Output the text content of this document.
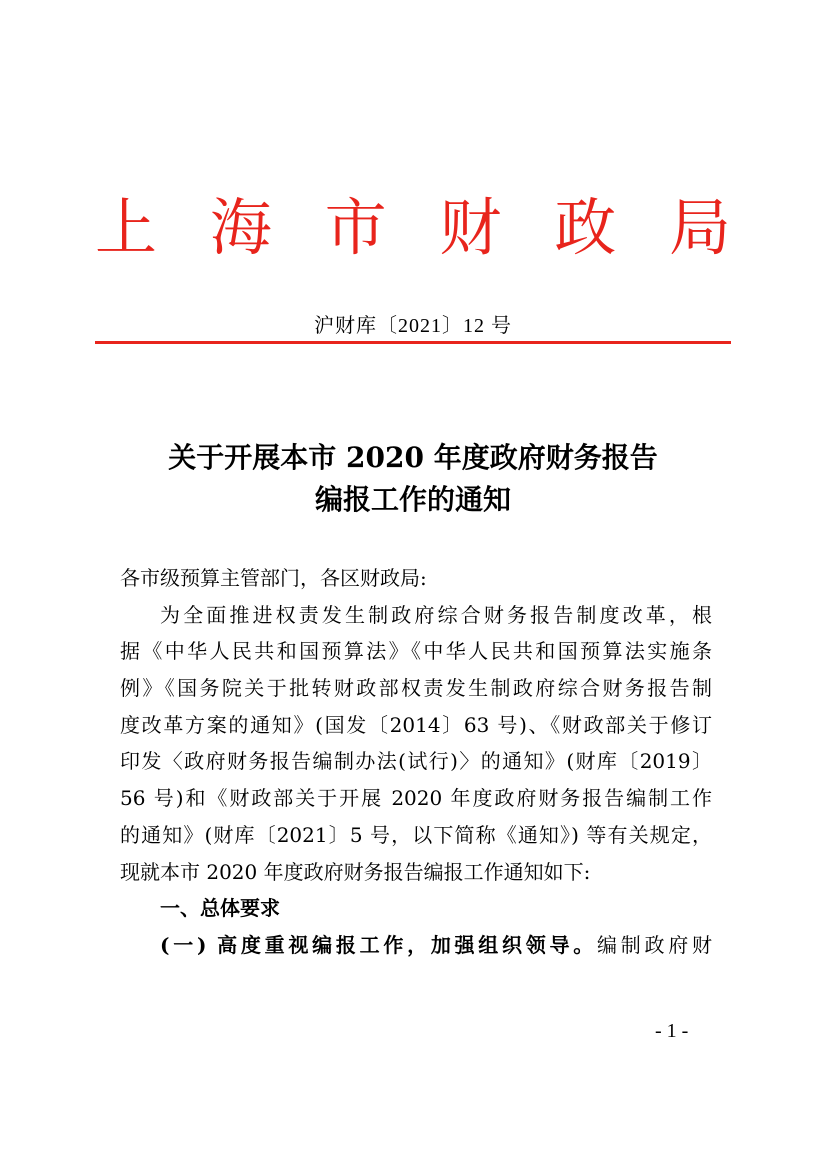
上 海 市 财 政 局
沪财库〔2021〕12 号
关于开展本市 2020 年度政府财务报告
编报工作的通知
各市级预算主管部门，各区财政局:
为全面推进权责发生制政府综合财务报告制度改革，根
据《中华人民共和国预算法》《中华人民共和国预算法实施条
例》《国务院关于批转财政部权责发生制政府综合财务报告制
度改革方案的通知》(国发〔2014〕63 号)、《财政部关于修订
印发〈政府财务报告编制办法(试行)〉的通知》(财库〔2019〕
56 号)和《财政部关于开展 2020 年度政府财务报告编制工作
的通知》(财库〔2021〕5 号，以下简称《通知》) 等有关规定，
现就本市 2020 年度政府财务报告编报工作通知如下:
一、总体要求
(一) 高度重视编报工作，加强组织领导。编制政府财
- 1 -
